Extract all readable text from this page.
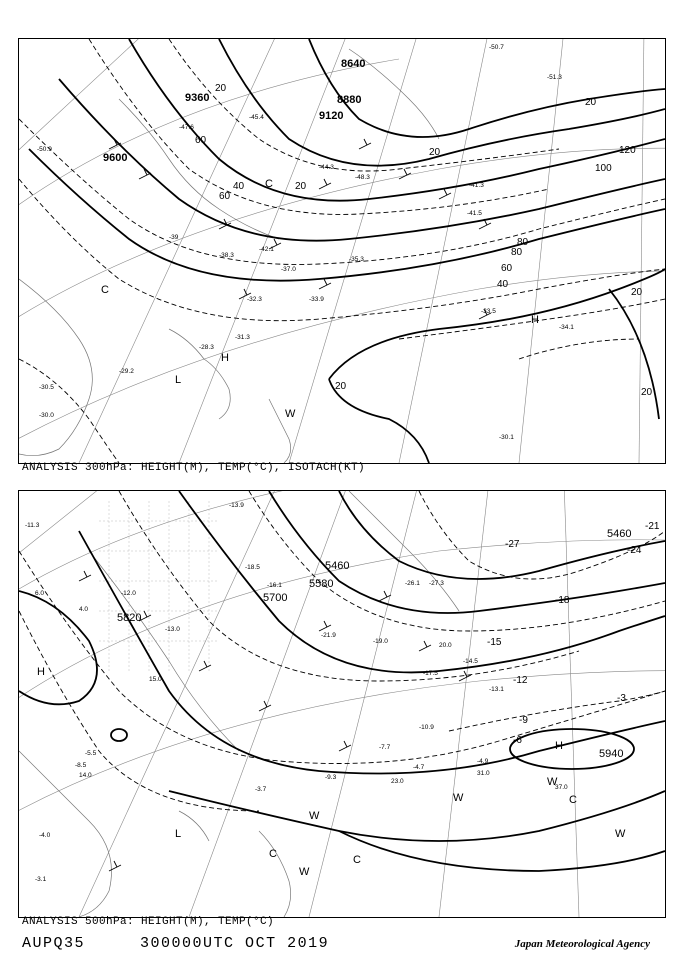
9600
9360
9120
8880
8640
20
20
20
20
20
40
60
80
100
120
60
80
20
20
40
60
-50.9
-47.6
-45.4
-44.3
-39
-42.1
-38.3
-37.0
-35.3
-33.9
-32.3
-31.3
-30.5
-30.0
-29.2
-28.3
-33.5
-34.1
-30.1
-50.7
-51.3
-41.3
-41.5
-48.3
H
H
L
C
C
W
ANALYSIS 300hPa: HEIGHT(M), TEMP(°C), ISOTACH(KT)
5820
5700
5580
5460
5940
5460
-21
-24
-27
-18
-15
-12
-9
-6
-3
-13.9
-18.5
-16.1
-21.9
-26.1 -27.3
-19.0
-17.5
-14.5
-13.1
-10.9
-7.7
-4.7
-4.9
-3.7
-9.3
-11.3
-12.0
-13.0
-8.5
-5.5
-4.0
-3.1
23.0
31.0
37.0
14.0
15.0
20.0
6.0
4.0
H
H
L
C	C
C
W
W
W
W
W
ANALYSIS 500hPa: HEIGHT(M), TEMP(°C)
AUPQ35	300000UTC OCT 2019	Japan Meteorological Agency
